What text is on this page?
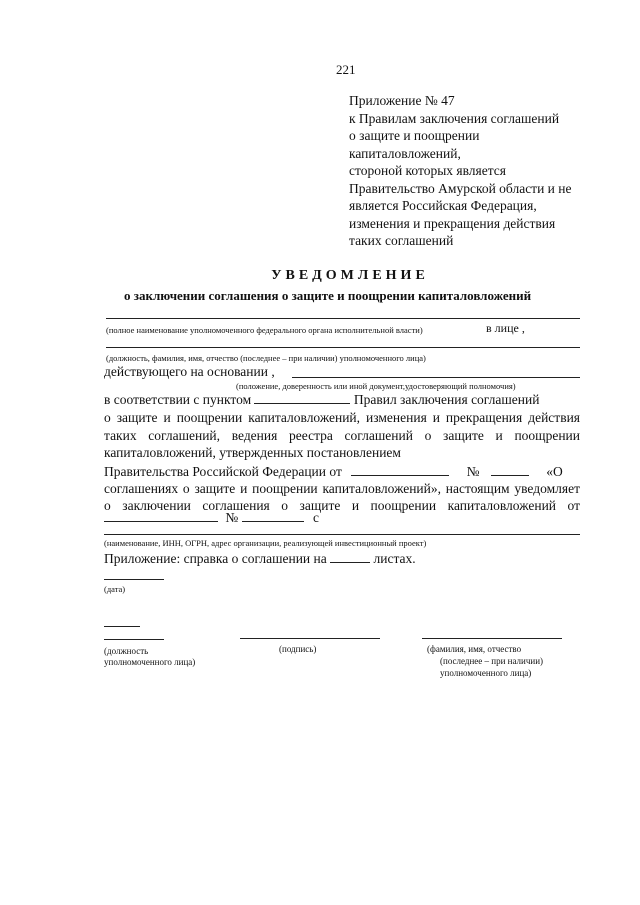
221
Приложение № 47
к Правилам заключения соглашений
о защите и поощрении
капиталовложений,
стороной которых является
Правительство Амурской области и не
является Российская Федерация,
изменения и прекращения действия
таких соглашений
УВЕДОМЛЕНИЕ
о заключении соглашения о защите и поощрении капиталовложений
(полное наименование уполномоченного федерального органа исполнительной власти)	в лице ,
(должность, фамилия, имя, отчество (последнее – при наличии) уполномоченного лица)
действующего на основании ,
(положение, доверенность или иной документ,удостоверяющий полномочия)
в соответствии с пунктом	Правил заключения соглашений
о защите и поощрении капиталовложений, изменения и прекращения действия
таких соглашений, ведения реестра соглашений о защите и поощрении
капиталовложений, утвержденных постановлением
Правительства Российской Федерации от	№	«О
соглашениях о защите и поощрении капиталовложений», настоящим уведомляет
о заключении соглашения о защите и поощрении капиталовложений от
№	с
(наименование, ИНН, ОГРН, адрес организации, реализующей инвестиционный проект)
Приложение: справка о соглашении на	листах.
(дата)
(должность
уполномоченного лица)
(подпись)	(фамилия, имя, отчество
(последнее – при наличии)
уполномоченного лица)
